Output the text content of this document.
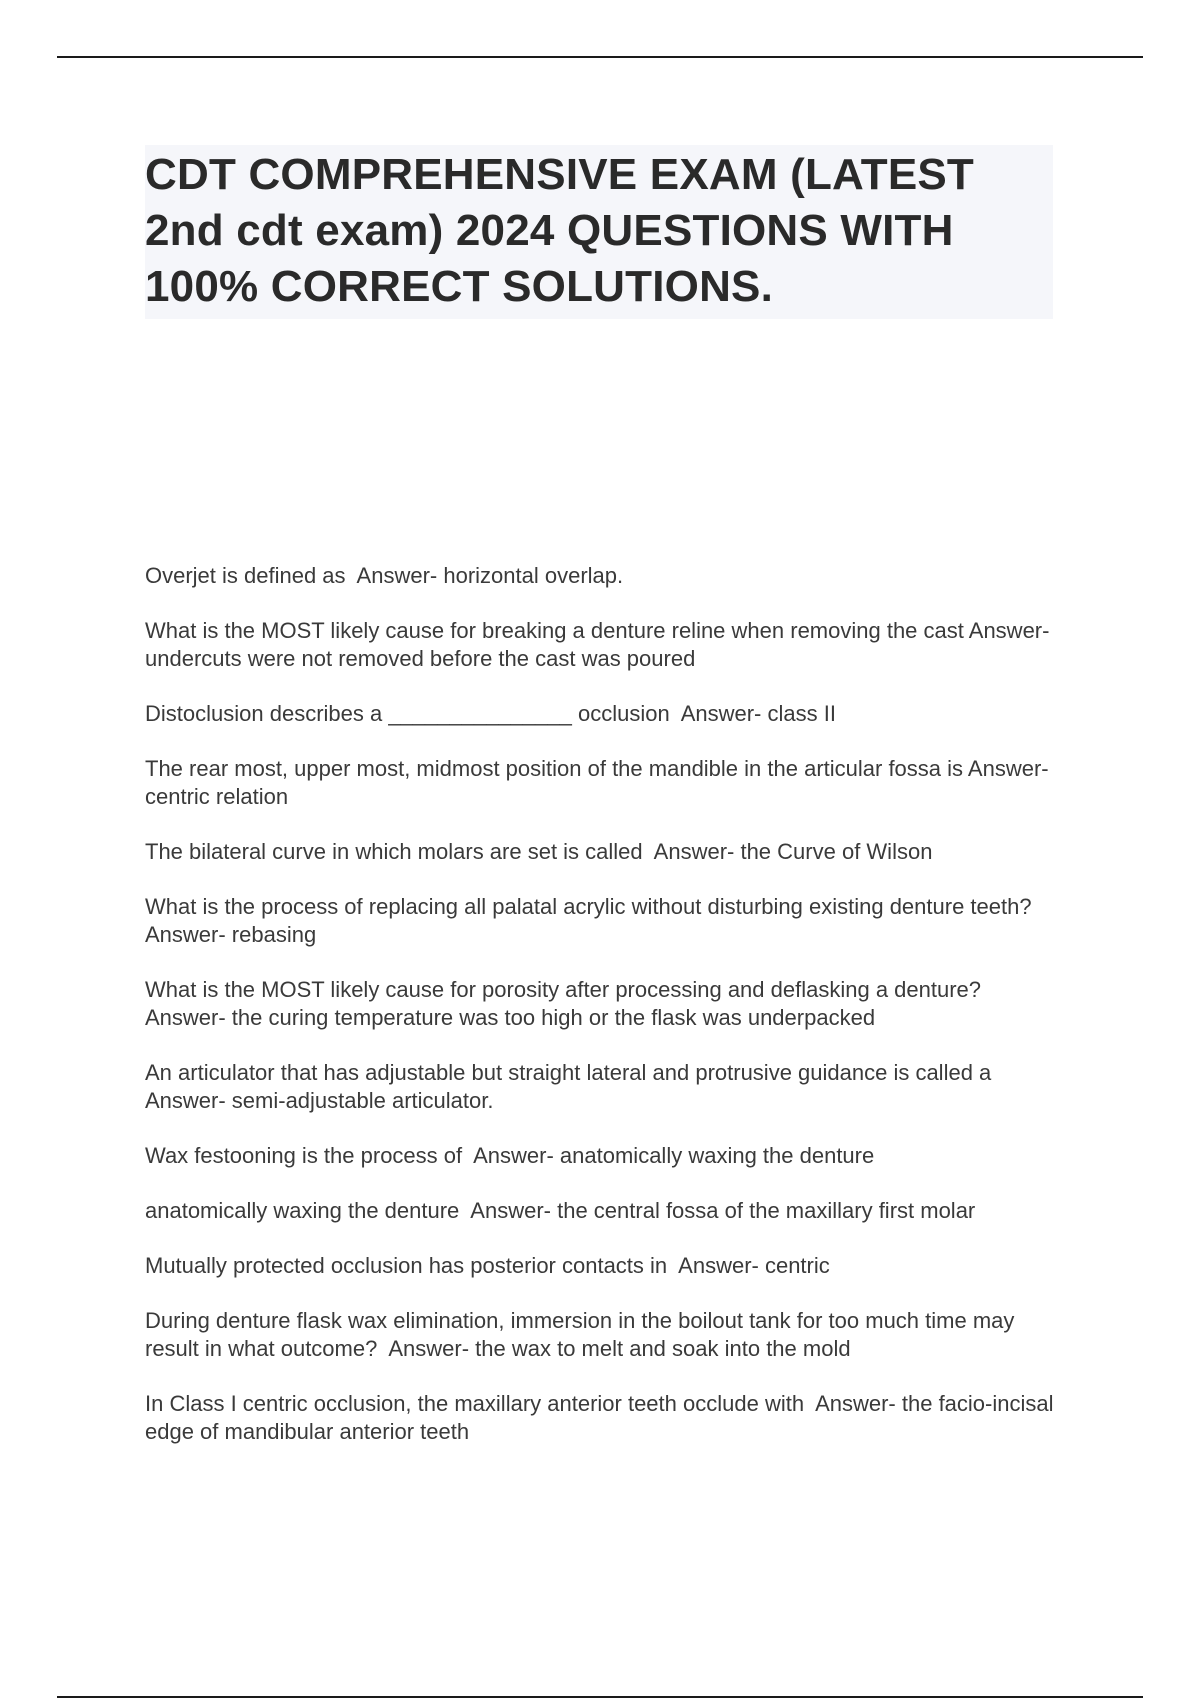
CDT COMPREHENSIVE EXAM (LATEST 2nd cdt exam) 2024 QUESTIONS WITH 100% CORRECT SOLUTIONS.
Overjet is defined as  Answer- horizontal overlap.
What is the MOST likely cause for breaking a denture reline when removing the cast Answer- undercuts were not removed before the cast was poured
Distoclusion describes a _______________ occlusion  Answer- class II
The rear most, upper most, midmost position of the mandible in the articular fossa is Answer- centric relation
The bilateral curve in which molars are set is called  Answer- the Curve of Wilson
What is the process of replacing all palatal acrylic without disturbing existing denture teeth?  Answer- rebasing
What is the MOST likely cause for porosity after processing and deflasking a denture?  Answer- the curing temperature was too high or the flask was underpacked
An articulator that has adjustable but straight lateral and protrusive guidance is called a  Answer- semi-adjustable articulator.
Wax festooning is the process of  Answer- anatomically waxing the denture
anatomically waxing the denture  Answer- the central fossa of the maxillary first molar
Mutually protected occlusion has posterior contacts in  Answer- centric
During denture flask wax elimination, immersion in the boilout tank for too much time may result in what outcome?  Answer- the wax to melt and soak into the mold
In Class I centric occlusion, the maxillary anterior teeth occlude with  Answer- the facio-incisal edge of mandibular anterior teeth
